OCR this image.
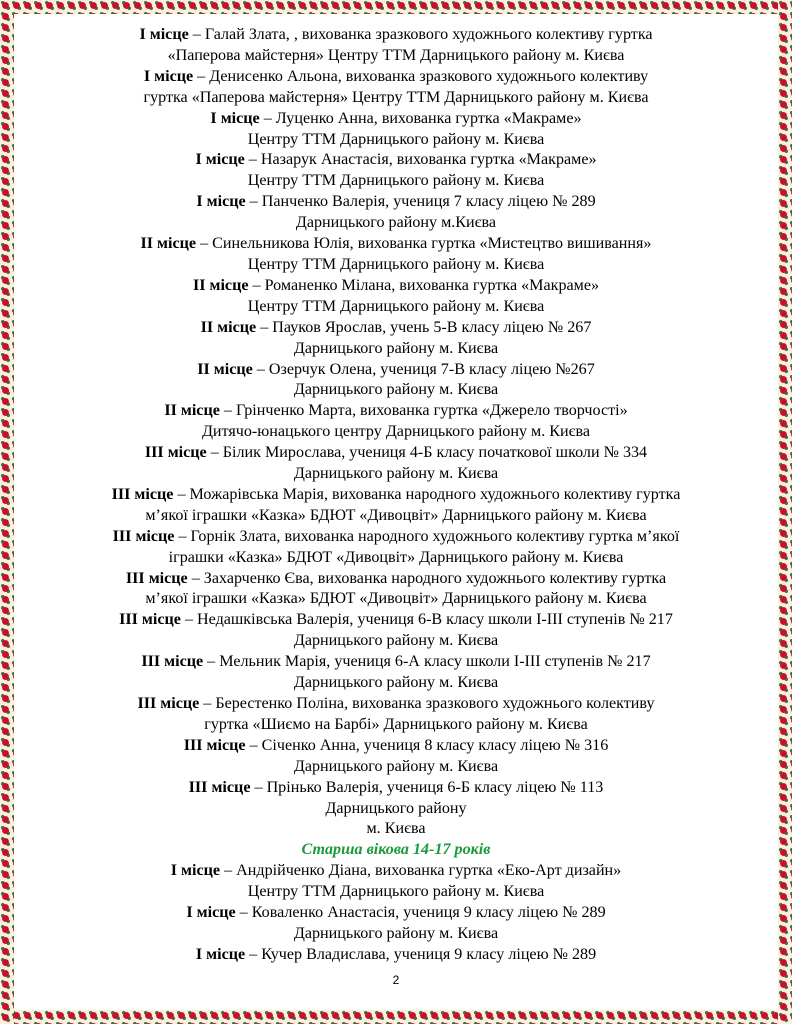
І місце – Галай Злата, , вихованка зразкового художнього колективу гуртка
«Паперова майстерня» Центру ТТМ Дарницького району м. Києва
І місце – Денисенко Альона, вихованка зразкового художнього колективу
гуртка «Паперова майстерня» Центру ТТМ Дарницького району м. Києва
І місце – Луценко Анна, вихованка гуртка «Макраме»
Центру ТТМ Дарницького району м. Києва
І місце – Назарук Анастасія, вихованка гуртка «Макраме»
Центру ТТМ Дарницького району м. Києва
І місце – Панченко Валерія, учениця 7 класу ліцею № 289
Дарницького району м.Києва
ІІ місце – Синельникова Юлія, вихованка гуртка «Мистецтво вишивання»
Центру ТТМ Дарницького району м. Києва
ІІ місце – Романенко Мілана, вихованка гуртка «Макраме»
Центру ТТМ Дарницького району м. Києва
ІІ місце – Пауков Ярослав, учень 5-В класу ліцею № 267
Дарницького району м. Києва
ІІ місце – Озерчук Олена, учениця 7-В класу ліцею №267
Дарницького району м. Києва
ІІ місце – Грінченко Марта, вихованка гуртка «Джерело творчості»
Дитячо-юнацького центру Дарницького району м. Києва
ІІІ місце – Білик Мирослава, учениця 4-Б класу початкової школи № 334
Дарницького району м. Києва
ІІІ місце – Можарівська Марія, вихованка народного художнього колективу гуртка
м’якої іграшки «Казка» БДЮТ «Дивоцвіт» Дарницького району м. Києва
ІІІ місце – Горнік Злата, вихованка народного художнього колективу гуртка м’якої
іграшки «Казка» БДЮТ «Дивоцвіт» Дарницького району м. Києва
ІІІ місце – Захарченко Єва, вихованка народного художнього колективу гуртка
м’якої іграшки «Казка» БДЮТ «Дивоцвіт» Дарницького району м. Києва
ІІІ місце – Недашківська Валерія, учениця 6-В класу школи І-ІІІ ступенів № 217
Дарницького району м. Києва
ІІІ місце – Мельник Марія, учениця 6-А класу школи І-ІІІ ступенів № 217
Дарницького району м. Києва
ІІІ місце – Берестенко Поліна, вихованка зразкового художнього колективу
гуртка «Шиємо на Барбі» Дарницького району м. Києва
ІІІ місце – Січенко Анна, учениця 8 класу класу ліцею № 316
Дарницького району м. Києва
ІІІ місце – Прінько Валерія, учениця 6-Б класу ліцею № 113
Дарницького району
м. Києва
Старша вікова 14-17 років
І місце – Андрійченко Діана, вихованка гуртка «Еко-Арт дизайн»
Центру ТТМ Дарницького району м. Києва
І місце – Коваленко Анастасія, учениця 9 класу ліцею № 289
Дарницького району м. Києва
І місце – Кучер Владислава, учениця 9 класу ліцею № 289
2
